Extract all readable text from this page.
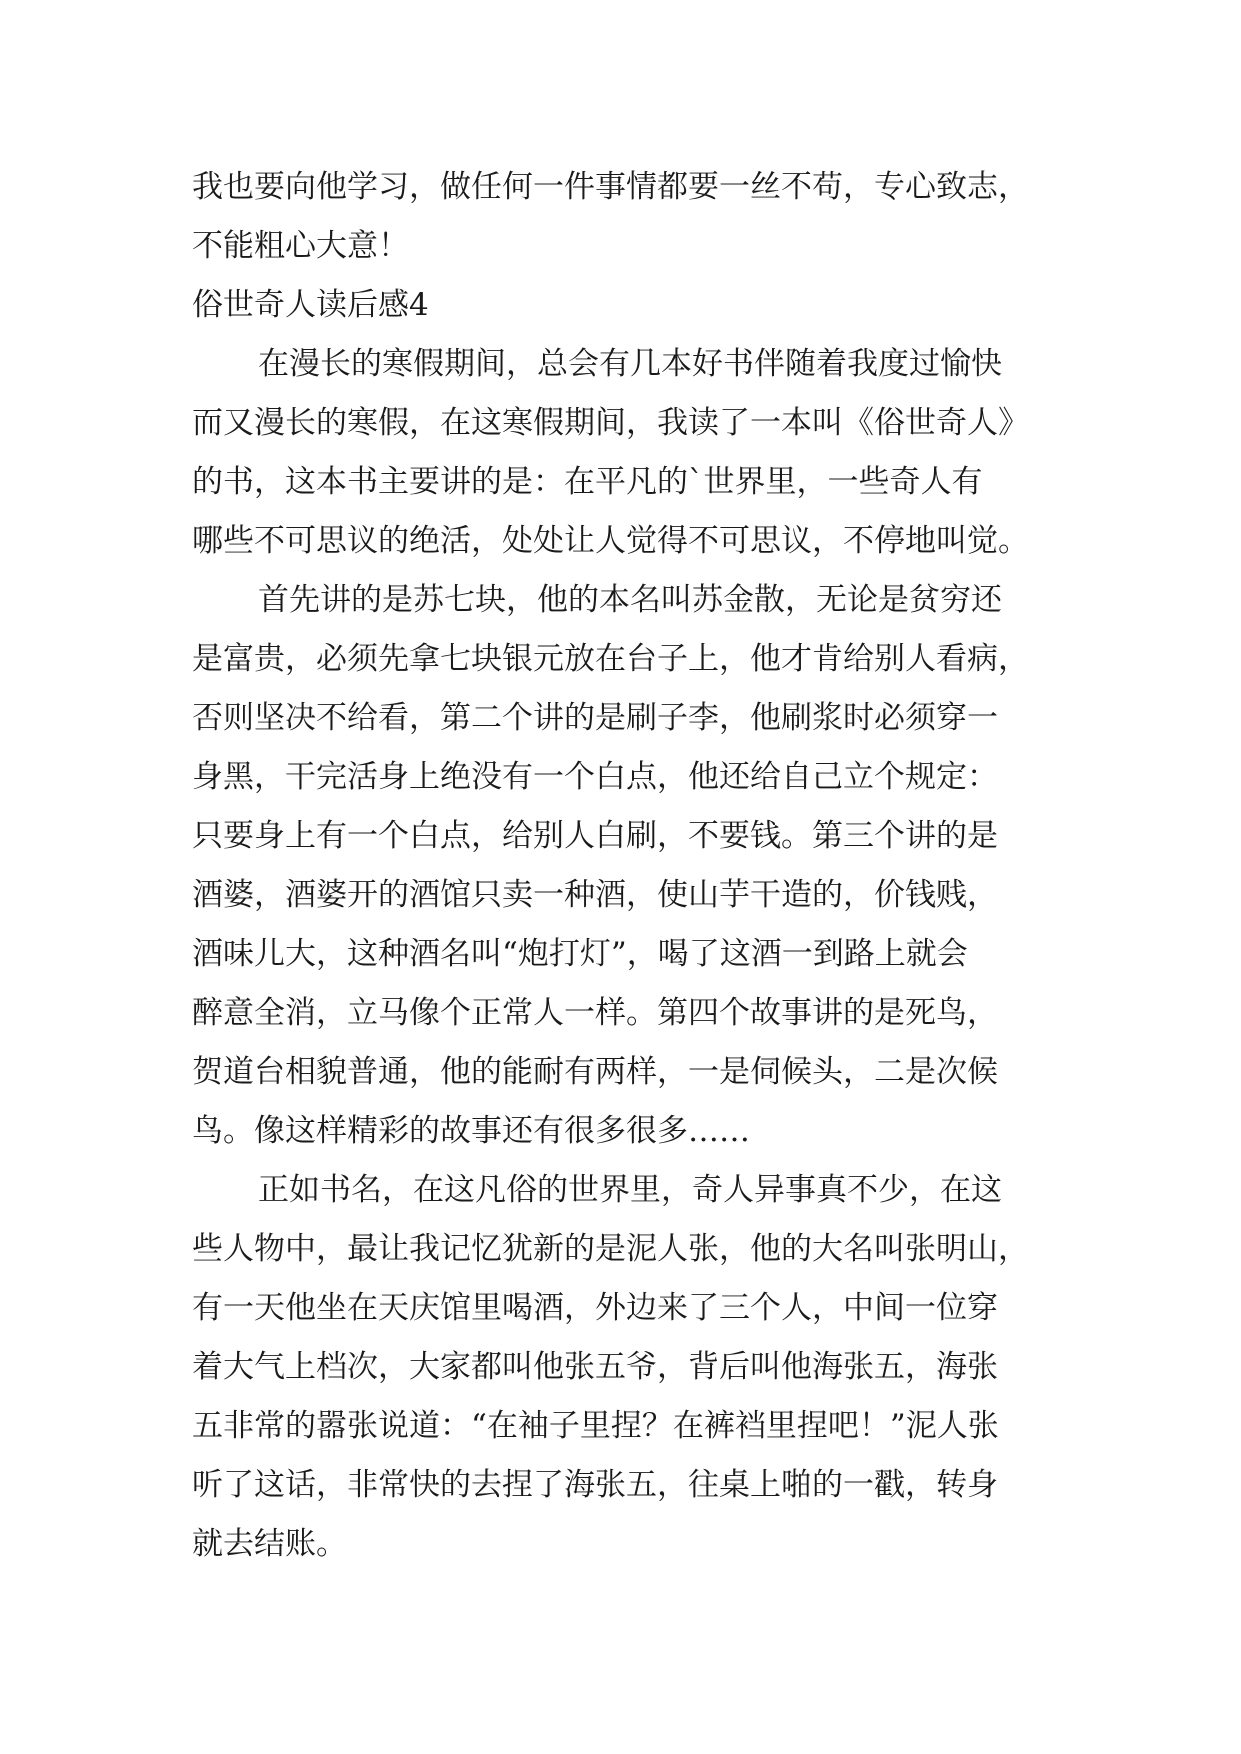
我也要向他学习，做任何一件事情都要一丝不苟，专心致志，
不能粗心大意！
俗世奇人读后感4
在漫长的寒假期间，总会有几本好书伴随着我度过愉快
而又漫长的寒假，在这寒假期间，我读了一本叫《俗世奇人》
的书，这本书主要讲的是：在平凡的`世界里，一些奇人有
哪些不可思议的绝活，处处让人觉得不可思议，不停地叫觉。
首先讲的是苏七块，他的本名叫苏金散，无论是贫穷还
是富贵，必须先拿七块银元放在台子上，他才肯给别人看病，
否则坚决不给看，第二个讲的是刷子李，他刷浆时必须穿一
身黑，干完活身上绝没有一个白点，他还给自己立个规定：
只要身上有一个白点，给别人白刷，不要钱。第三个讲的是
酒婆，酒婆开的酒馆只卖一种酒，使山芋干造的，价钱贱，
酒味儿大，这种酒名叫“炮打灯”，喝了这酒一到路上就会
醉意全消，立马像个正常人一样。第四个故事讲的是死鸟，
贺道台相貌普通，他的能耐有两样，一是伺候头，二是次候
鸟。像这样精彩的故事还有很多很多……
正如书名，在这凡俗的世界里，奇人异事真不少，在这
些人物中，最让我记忆犹新的是泥人张，他的大名叫张明山，
有一天他坐在天庆馆里喝酒，外边来了三个人，中间一位穿
着大气上档次，大家都叫他张五爷，背后叫他海张五，海张
五非常的嚣张说道：“在袖子里捏？在裤裆里捏吧！”泥人张
听了这话，非常快的去捏了海张五，往桌上啪的一戳，转身
就去结账。
